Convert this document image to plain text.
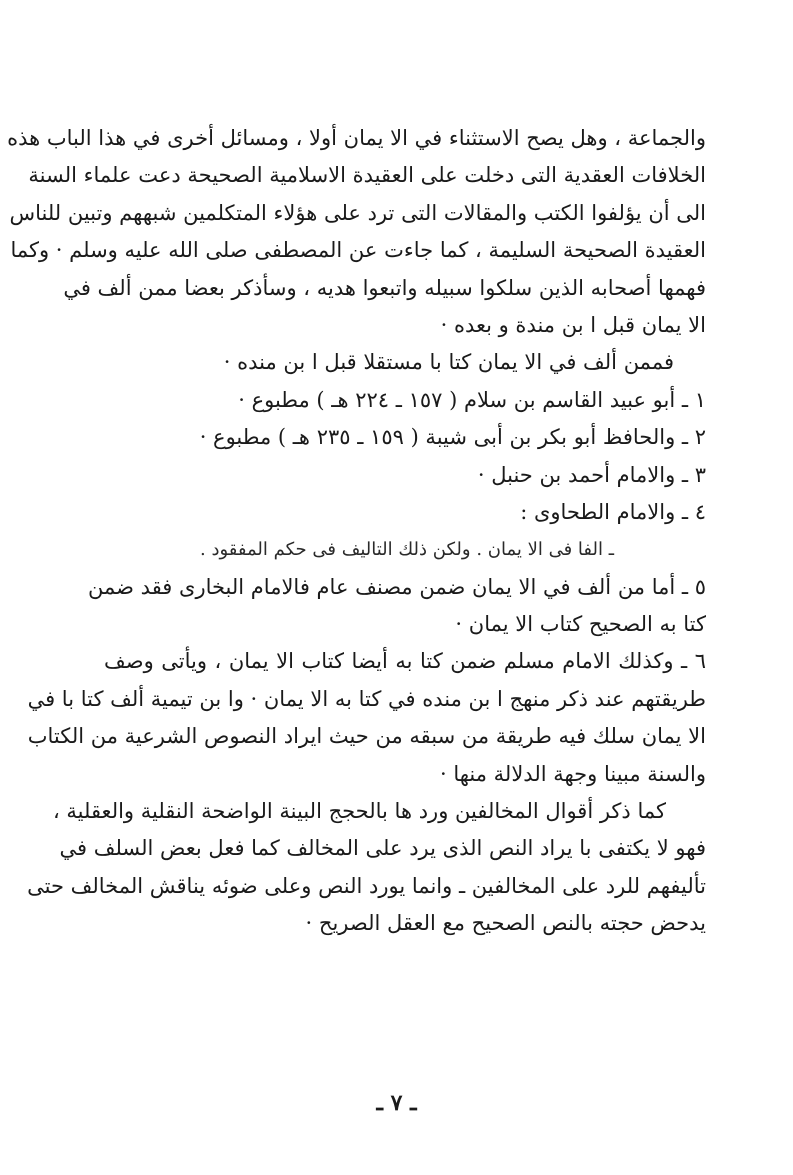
والجماعة ، وهل يصح الاستثناء في الا يمان أولا ، ومسائل أخرى في هذا الباب هذه
الخلافات العقدية التى دخلت على العقيدة الاسلامية الصحيحة دعت علماء السنة
الى أن يؤلفوا الكتب والمقالات التى ترد على هؤلاء المتكلمين شبههم وتبين للناس
العقيدة الصحيحة السليمة ، كما جاءت عن المصطفى صلى الله عليه وسلم · وكما
فهمها أصحابه الذين سلكوا سبيله واتبعوا هديه ، وسأذكر بعضا ممن ألف في
الا يمان قبل ا بن مندة و بعده ·
فممن ألف في الا يمان كتا با مستقلا قبل ا بن منده ·
١ ـ أبو عبيد القاسم بن سلام ( ١٥٧ ـ ٢٢٤ هـ ) مطبوع ·
٢ ـ والحافظ أبو بكر بن أبى شيبة ( ١٥٩ ـ ٢٣٥ هـ ) مطبوع ·
٣ ـ والامام أحمد بن حنبل ·
٤ ـ والامام الطحاوى :
ـ الفا فى الا يمان . ولكن ذلك التاليف فى حكم المفقود .
٥ ـ أما من ألف في الا يمان ضمن مصنف عام فالامام البخارى فقد ضمن
كتا به الصحيح كتاب الا يمان ·
٦ ـ وكذلك الامام مسلم ضمن كتا به أيضا كتاب الا يمان ، ويأتى وصف
طريقتهم عند ذكر منهج ا بن منده في كتا به الا يمان · وا بن تيمية ألف كتا با في
الا يمان سلك فيه طريقة من سبقه من حيث ايراد النصوص الشرعية من الكتاب
والسنة مبينا وجهة الدلالة منها ·
كما ذكر أقوال المخالفين ورد ها بالحجج البينة الواضحة النقلية والعقلية ،
فهو لا يكتفى با يراد النص الذى يرد على المخالف كما فعل بعض السلف في
تأليفهم للرد على المخالفين ـ وانما يورد النص وعلى ضوئه يناقش المخالف حتى
يدحض حجته بالنص الصحيح مع العقل الصريح ·
ـ ٧ ـ
